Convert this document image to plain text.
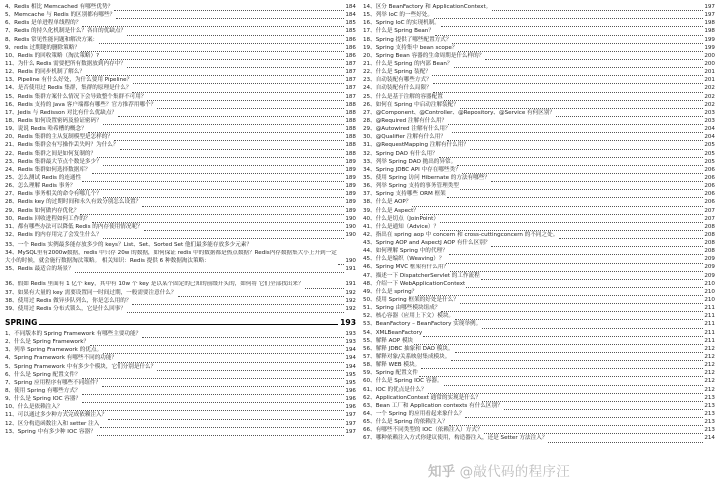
4、Redis 相比 Memcached 有哪些优势？	184
5、Memcache 与 Redis 的区别都有哪些？	184
6、Redis 是单进程单线程的？	185
7、Redis 的持久化机制是什么？各自的优缺点？	185
8、Redis 常见性能问题和解决方案：	186
9、redis 过期键的删除策略？	186
10、Redis 的回收策略（淘汰策略）?	186
11、为什么 Redis 需要把所有数据放到内存中？	187
12、Redis 的同步机制了解么？	187
13、Pipeline 有什么好处，为什么要用 Pipeline？	187
14、是否使用过 Redis 集群，集群的原理是什么？	187
15、Redis 集群方案什么情况下会导致整个集群不可用？	187
16、Redis 支持的 Java 客户端都有哪些？官方推荐用哪个？	188
17、Jedis 与 Redisson 对比有什么优缺点？	188
18、Redis 如何设置密码及验证密码？	188
19、说说 Redis 哈希槽的概念？	188
20、Redis 集群的主从复制模型是怎样的？	188
21、Redis 集群会有写操作丢失吗？为什么？	188
22、Redis 集群之间是如何复制的？	188
23、Redis 集群最大节点个数是多少？	189
24、Redis 集群如何选择数据库？	189
25、怎么测试 Redis 的连通性	189
26、怎么理解 Redis 事务？	189
27、Redis 事务相关的命令有哪几个？	189
28、Redis key 的过期时间和永久有效分别怎么设置？	189
29、Redis 如何做内存优化？	189
30、Redis 回收进程如何工作的？	190
31、都有哪些办法可以降低 Redis 的内存使用情况呢？	190
32、Redis 的内存用完了会发生什么？	190
33、一个 Redis 实例最多能存放多少的 keys？List、Set、Sorted Set 他们最多能存放多少元素？
34、MySQL里有2000w数据，redis 中只存 20w 的数据，如何保证 redis 中的数据都是热点数据？Redis内存数据集大小上升到一定大小的时候，就会施行数据淘汰策略。 相关知识：Redis 提供 6 种数据淘汰策略：	190
35、Redis 最适合的场景？	191
36、假如 Redis 里面有 1 亿个 key，其中有 10w 个 key 是以某个固定的已知的前缀开头的，如何将 它们全部找出来？	191
37、如果有大量的 key 需要设置同一时间过期，一般需要注意什么？	192
38、使用过 Redis 做异步队列么，你是怎么用的？	192
39、使用过 Redis 分布式锁么，它是什么回事？	192
SPRING	193
1、不同版本的 Spring Framework 有哪些主要功能？	193
2、什么是 Spring Framework？	193
3、列举 Spring Framework 的优点。	194
4、Spring Framework 有哪些不同的功能？	194
5、Spring Framework 中有多少个模块，它们分别是什么？	194
6、什么是 Spring 配置文件？	195
7、Spring 应用程序有哪些不同组件？	195
8、使用 Spring 有哪些方式？	196
9、什么是 Spring IOC 容器？	196
10、什么是依赖注入？	196
11、可以通过多少种方式完成依赖注入？	197
12、区分构造函数注入和 setter 注入	197
13、Spring 中有多少种 IOC 容器？	197
14、区分 BeanFactory 和 ApplicationContext。	197
15、列举 IoC 的一些好处。	197
16、Spring IoC 的实现机制。	198
17、什么是 Spring Bean？	198
18、Spring 提供了哪些配置方式？	199
19、Spring 支持集中 bean scope？	199
20、Spring Bean 容器的生命周期是什么样的？	200
21、什么是 Spring 的内部 Bean？	200
22、什么是 Spring 装配？	201
23、自动装配有哪些方式？	201
24、自动装配有什么局限？	202
25、什么是基于注解的容器配置	202
26、如何在 Spring 中启动注解装配？	202
27、@Component、@Controller、@Repository、@Service 有何区别？	203
28、@Required 注解有什么用？	203
29、@Autowired 注解有什么用？	204
30、@Qualifier 注解有什么用？	204
31、@RequestMapping 注解有什么用？	205
32、Spring DAO 有什么用？	205
33、列举 Spring DAO 抛出的异常。	205
34、Spring JDBC API 中存在哪些类？	206
35、使用 Spring 访问 Hibernate 的方法有哪些？	206
36、列举 Spring 支持的事务管理类型	206
37、Spring 支持哪些 ORM 框架	206
38、什么是 AOP？	206
39、什么是 Aspect？	207
40、什么是切点（JoinPoint）	207
41、什么是通知（Advice）？	208
42、指出在 spring aop 中 concern 和 cross-cuttingconcern 的不同之处。	208
43、Spring AOP and AspectJ AOP 有什么区别？	208
44、如何理解 Spring 中的代理？	208
45、什么是编织（Weaving）？	209
46、Spring MVC 框架有什么用？	209
47、描述一下 DispatcherServlet 的工作流程	209
48、介绍一下 WebApplicationContext	210
49、什么是 spring？	210
50、使用 Spring 框架的好处是什么？	210
51、Spring 由哪些模块组成？	211
52、核心容器（应用上下文）模块。	211
53、BeanFactory – BeanFactory 实现举例。	211
54、XMLBeanFactory	211
55、解释 AOP 模块	211
56、解释 JDBC 抽象和 DAO 模块。	212
57、解释对象/关系映射集成模块。	212
58、解释 WEB 模块。	212
59、Spring 配置文件	212
60、什么是 Spring IOC 容器。	212
61、IOC 的优点是什么？	212
62、ApplicationContext 通常的实现是什么？	213
63、Bean 工厂和 Application contexts 有什么区别？	213
64、一个 Spring 的应用看起来象什么？	213
65、什么是 Spring 的依赖注入？	213
66、有哪些不同类型的 IOC（依赖注入）方式？	213
67、哪种依赖注入方式你建议使用，构造器注入，还是 Setter 方法注入？	214
知乎 @敲代码的程序汪
